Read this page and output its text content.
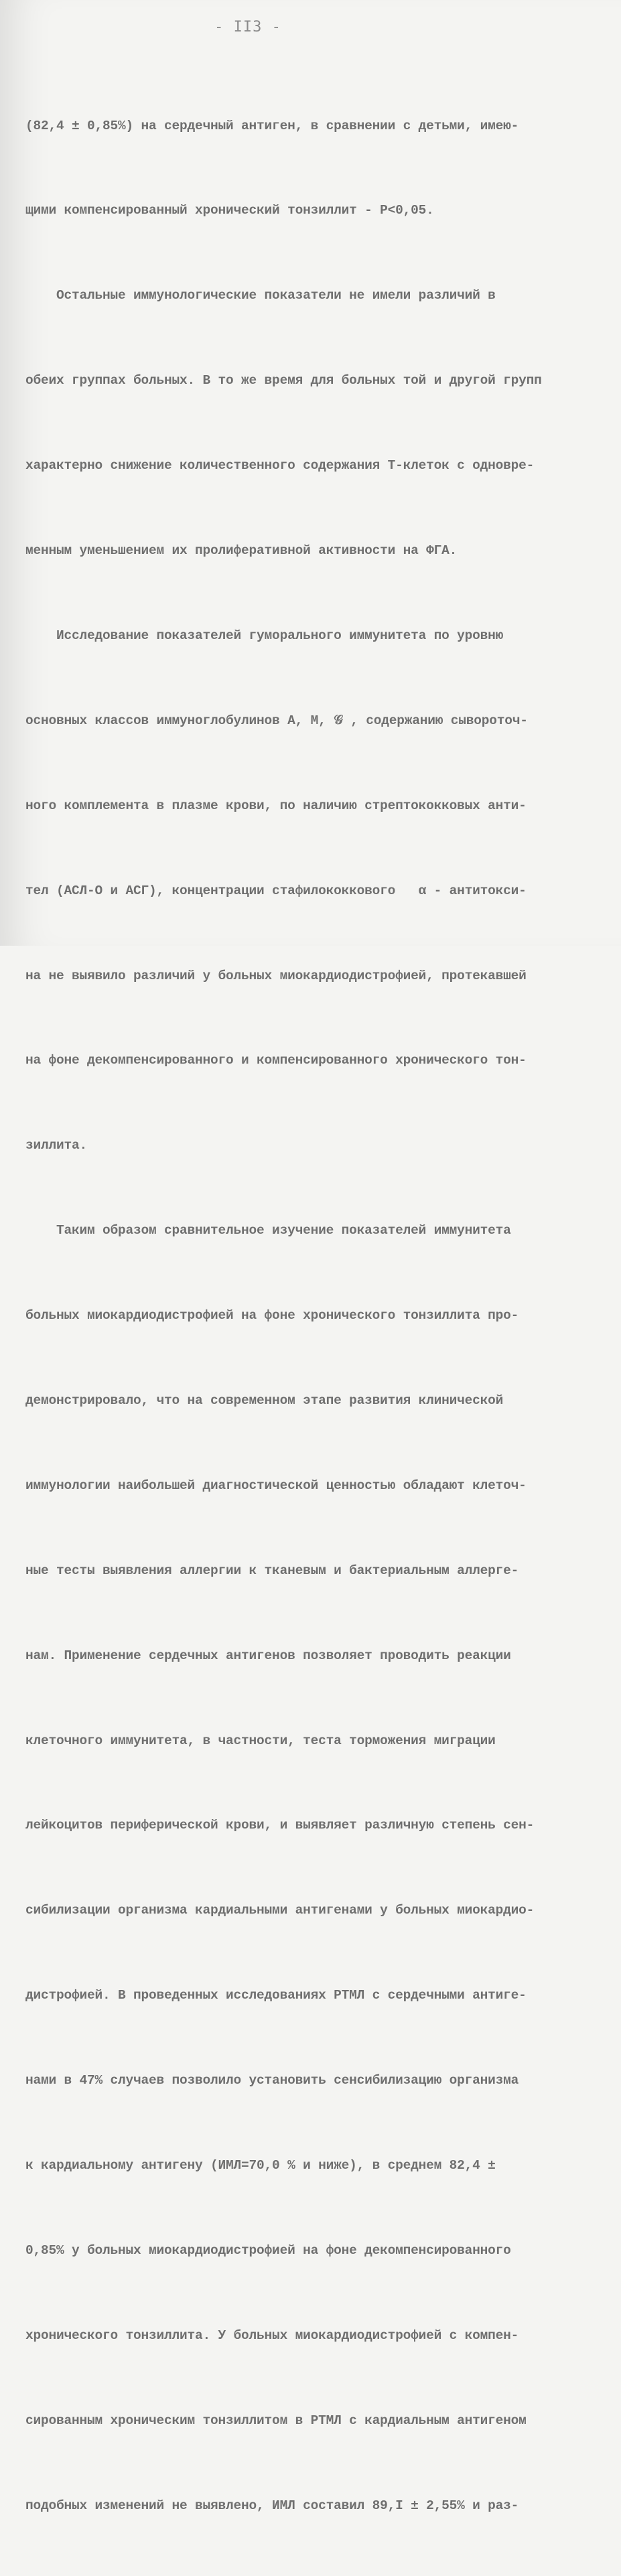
- II3 -

(82,4 ± 0,85%) на сердечный антиген, в сравнении с детьми, имею-

щими компенсированный хронический тонзиллит - P<0,05.

Остальные иммунологические показатели не имели различий в

обеих группах больных. В то же время для больных той и другой групп

характерно снижение количественного содержания Т-клеток с одновре-

менным уменьшением их пролиферативной активности на ФГА.

Исследование показателей гуморального иммунитета по уровню

основных классов иммуноглобулинов А, М, 𝒢 , содержанию сывороточ-

ного комплемента в плазме крови, по наличию стрептококковых анти-

тел (АСЛ-О и АСГ), концентрации стафилококкового   α - антитокси-

на не выявило различий у больных миокардиодистрофией, протекавшей

на фоне декомпенсированного и компенсированного хронического тон-

зиллита.

Таким образом сравнительное изучение показателей иммунитета

больных миокардиодистрофией на фоне хронического тонзиллита про-

демонстрировало, что на современном этапе развития клинической

иммунологии наибольшей диагностической ценностью обладают клеточ-

ные тесты выявления аллергии к тканевым и бактериальным аллерге-

нам. Применение сердечных антигенов позволяет проводить реакции

клеточного иммунитета, в частности, теста торможения миграции

лейкоцитов периферической крови, и выявляет различную степень сен-

сибилизации организма кардиальными антигенами у больных миокардио-

дистрофией. В проведенных исследованиях РТМЛ с сердечными антиге-

нами в 47% случаев позволило установить сенсибилизацию организма

к кардиальному антигену (ИМЛ=70,0 % и ниже), в среднем 82,4 ±

0,85% у больных миокардиодистрофией на фоне декомпенсированного

хронического тонзиллита. У больных миокардиодистрофией с компен-

сированным хроническим тонзиллитом в РТМЛ с кардиальным антигеном

подобных изменений не выявлено, ИМЛ составил 89,I ± 2,55% и раз-
